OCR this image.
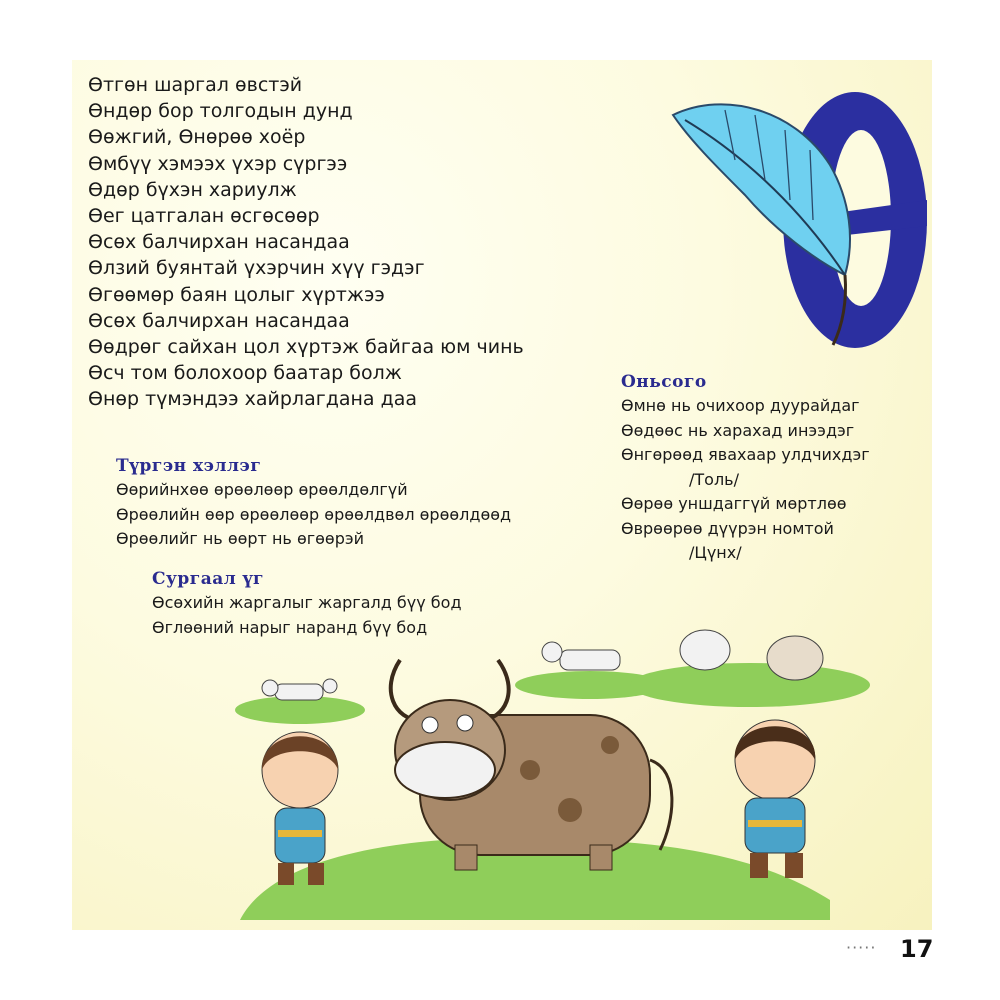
Өтгөн шаргал өвстэй
Өндөр бор толгодын дунд
Өөжгий, Өнөрөө хоёр
Өмбүү хэмээх үхэр сүргээ
Өдөр бүхэн хариулж
Өег цатгалан өсгөсөөр
Өсөх балчирхан насандаа
Өлзий буянтай үхэрчин хүү гэдэг
Өгөөмөр баян цолыг хүртжээ
Өсөх балчирхан насандаа
Өөдрөг сайхан цол хүртэж байгаа юм чинь
Өсч том болохоор баатар болж
Өнөр түмэндээ хайрлагдана даа
Оньсого
Өмнө нь очихоор дуурайдаг
Өөдөөс нь харахад инээдэг
Өнгөрөөд явахаар улдчихдэг
/Толь/
Өөрөө уншдаггүй мөртлөө
Өврөөрөө дүүрэн номтой
/Цүнх/
Түргэн хэллэг
Өөрийнхөө өрөөлөөр өрөөлдөлгүй
Өрөөлийн өөр өрөөлөөр өрөөлдвөл өрөөлдөөд
Өрөөлийг нь өөрт нь өгөөрэй
Сургаал үг
Өсөхийн жаргалыг жаргалд бүү бод
Өглөөний нарыг наранд бүү бод
····· 17
